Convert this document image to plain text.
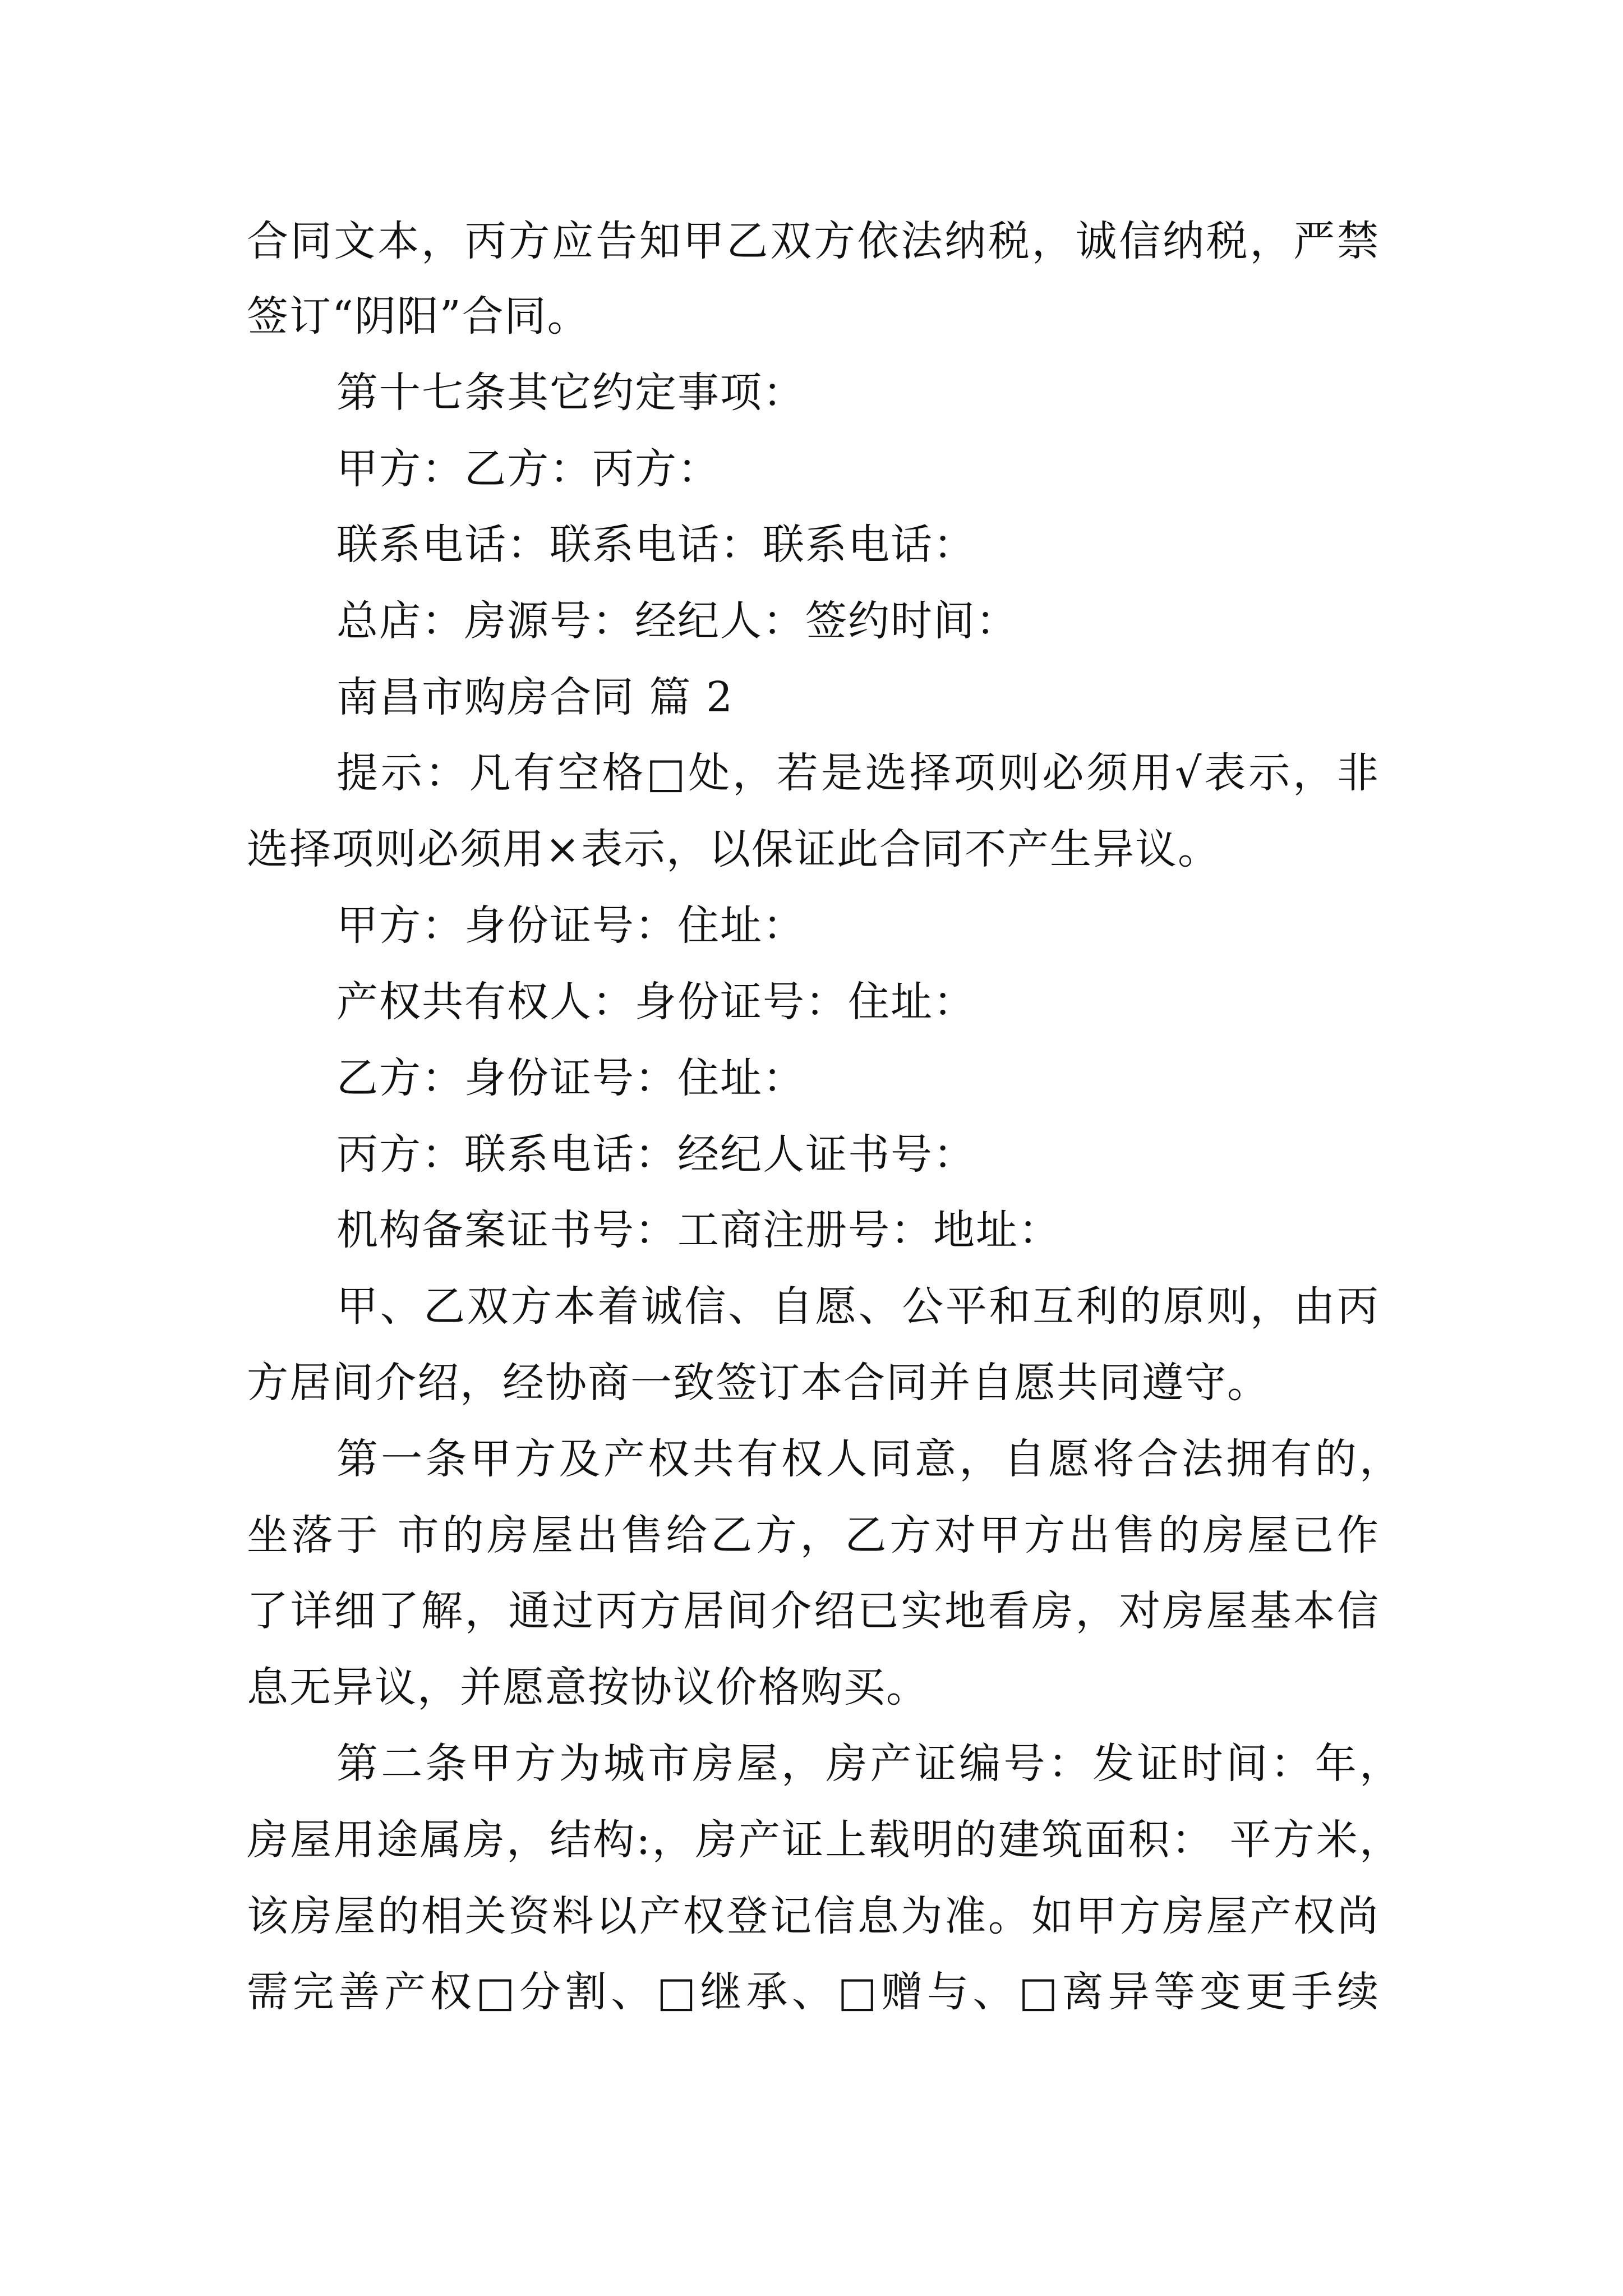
合同文本，丙方应告知甲乙双方依法纳税，诚信纳税，严禁
签订“阴阳”合同。
第十七条其它约定事项：
甲方：乙方：丙方：
联系电话：联系电话：联系电话：
总店：房源号：经纪人：签约时间：
南昌市购房合同 篇 2
提示：凡有空格□处，若是选择项则必须用√表示，非
选择项则必须用×表示，以保证此合同不产生异议。
甲方：身份证号：住址：
产权共有权人：身份证号：住址：
乙方：身份证号：住址：
丙方：联系电话：经纪人证书号：
机构备案证书号：工商注册号：地址：
甲、乙双方本着诚信、自愿、公平和互利的原则，由丙
方居间介绍，经协商一致签订本合同并自愿共同遵守。
第一条甲方及产权共有权人同意，自愿将合法拥有的，
坐落于 市的房屋出售给乙方，乙方对甲方出售的房屋已作
了详细了解，通过丙方居间介绍已实地看房，对房屋基本信
息无异议，并愿意按协议价格购买。
第二条甲方为城市房屋，房产证编号：发证时间：年，
房屋用途属房，结构:，房产证上载明的建筑面积： 平方米，
该房屋的相关资料以产权登记信息为准。如甲方房屋产权尚
需完善产权□分割、□继承、□赠与、□离异等变更手续
